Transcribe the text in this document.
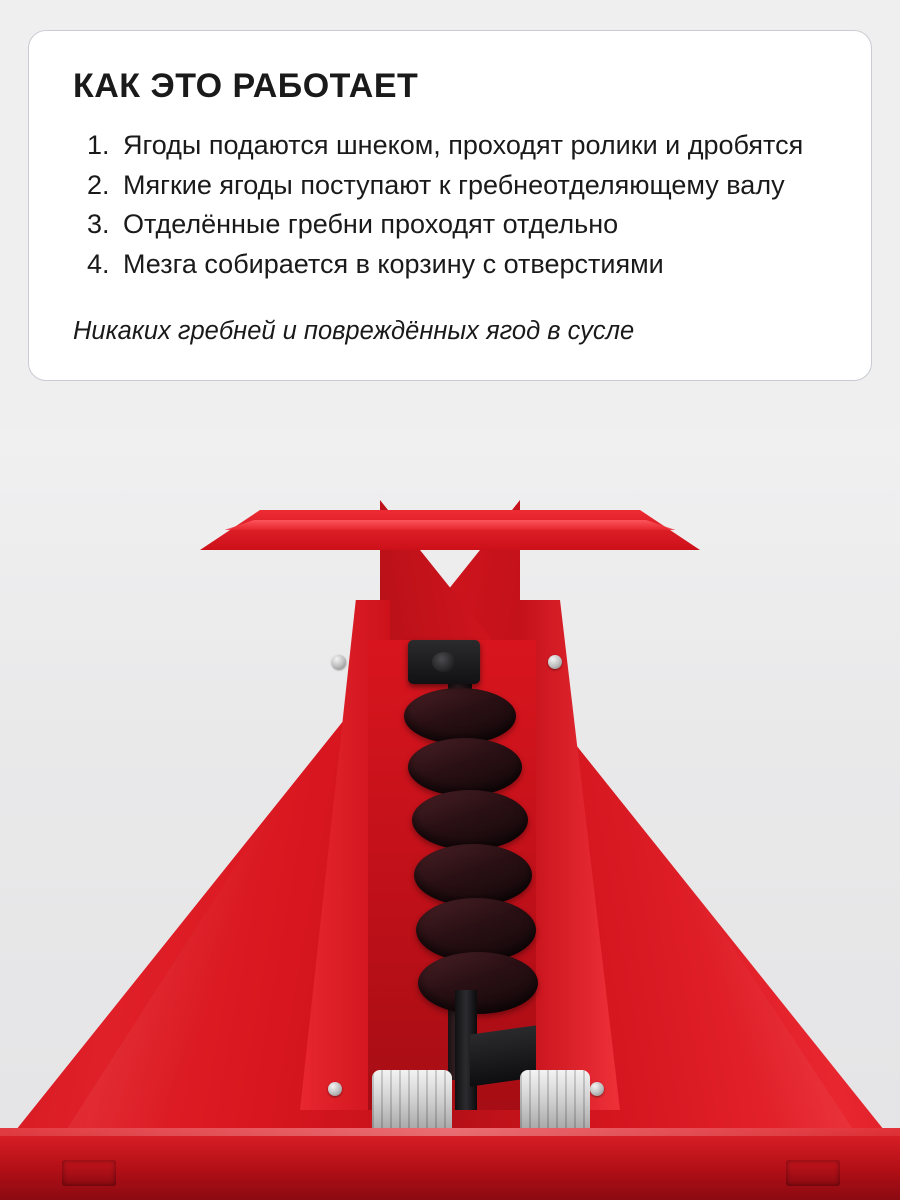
КАК ЭТО РАБОТАЕТ
1. Ягоды подаются шнеком, проходят ролики и дробятся
2. Мягкие ягоды поступают к гребнеотделяющему валу
3. Отделённые гребни проходят отдельно
4. Мезга собирается в корзину с отверстиями
Никаких гребней и повреждённых ягод в сусле
